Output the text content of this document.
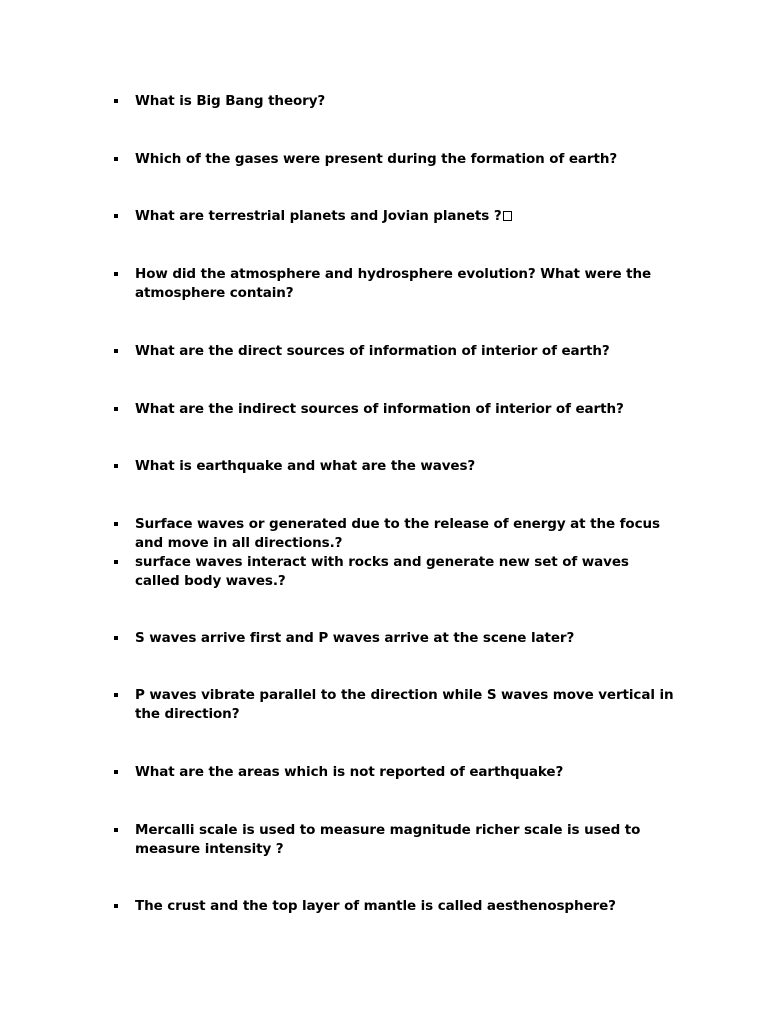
What is Big Bang theory?
Which of the gases were present during the formation of earth?
What are terrestrial planets and Jovian planets ?
How did the atmosphere and hydrosphere evolution? What were the atmosphere contain?
What are the direct sources of information of interior of earth?
What are the indirect sources of information of interior of earth?
What is earthquake and what are the waves?
Surface waves or generated due to the release of energy at the focus and move in all directions.?
surface waves interact with rocks and generate new set of waves called body waves.?
S waves arrive first and P waves arrive at the scene later?
P waves vibrate parallel to the direction while S waves move vertical in the direction?
What are the areas which is not reported of earthquake?
Mercalli scale is used to measure magnitude richer scale is used to measure intensity ?
The crust and the top layer of mantle is called aesthenosphere?
